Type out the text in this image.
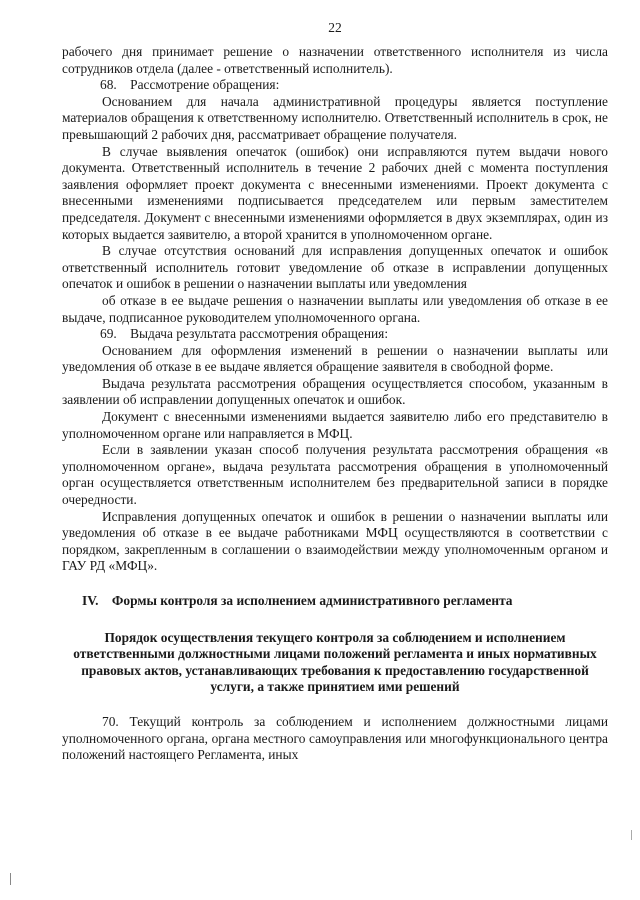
22

рабочего дня принимает решение о назначении ответственного исполнителя из числа сотрудников отдела (далее - ответственный исполнитель).

68.    Рассмотрение обращения:

Основанием для начала административной процедуры является поступление материалов обращения к ответственному исполнителю. Ответственный исполнитель в срок, не превышающий 2 рабочих дня, рассматривает обращение получателя.

В случае выявления опечаток (ошибок) они исправляются путем выдачи нового документа. Ответственный исполнитель в течение 2 рабочих дней с момента поступления заявления оформляет проект документа с внесенными изменениями. Проект документа с внесенными изменениями подписывается председателем или первым заместителем председателя. Документ с внесенными изменениями оформляется в двух экземплярах, один из которых выдается заявителю, а второй хранится в уполномоченном органе.

В случае отсутствия оснований для исправления допущенных опечаток и ошибок ответственный исполнитель готовит уведомление об отказе в исправлении допущенных опечаток и ошибок в решении о назначении выплаты или уведомления

об отказе в ее выдаче решения о назначении выплаты или уведомления об отказе в ее выдаче, подписанное руководителем уполномоченного органа.

69.    Выдача результата рассмотрения обращения:

Основанием для оформления изменений в решении о назначении выплаты или уведомления об отказе в ее выдаче является обращение заявителя в свободной форме.

Выдача результата рассмотрения обращения осуществляется способом, указанным в заявлении об исправлении допущенных опечаток и ошибок.

Документ с внесенными изменениями выдается заявителю либо его представителю в уполномоченном органе или направляется в МФЦ.

Если в заявлении указан способ получения результата рассмотрения обращения «в уполномоченном органе», выдача результата рассмотрения обращения в уполномоченный орган осуществляется ответственным исполнителем без предварительной записи в порядке очередности.

Исправления допущенных опечаток и ошибок в решении о назначении выплаты или уведомления об отказе в ее выдаче работниками МФЦ осуществляются в соответствии с порядком, закрепленным в соглашении о взаимодействии между уполномоченным органом и ГАУ РД «МФЦ».

IV.    Формы контроля за исполнением административного регламента
Порядок осуществления текущего контроля за соблюдением и исполнением ответственными должностными лицами положений регламента и иных нормативных правовых актов, устанавливающих требования к предоставлению государственной услуги, а также принятием ими решений

70. Текущий контроль за соблюдением и исполнением должностными лицами уполномоченного органа, органа местного самоуправления или многофункционального центра положений настоящего Регламента, иных
